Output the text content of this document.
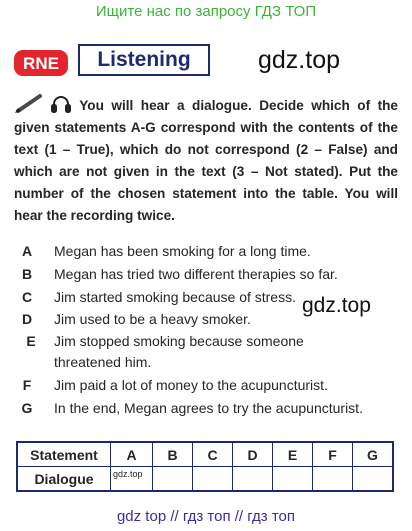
Ищите нас по запросу ГДЗ ТОП
RNE	Listening	gdz.top
You will hear a dialogue. Decide which of the given statements A-G correspond with the contents of the text (1 – True), which do not correspond (2 – False) and which are not given in the text (3 – Not stated). Put the number of the chosen statement into the table. You will hear the recording twice.
A Megan has been smoking for a long time.
B Megan has tried two different therapies so far.
C Jim started smoking because of stress.
D Jim used to be a heavy smoker.
E Jim stopped smoking because someone threatened him.
F Jim paid a lot of money to the acupuncturist.
G In the end, Megan agrees to try the acupuncturist.
gdz.top
Statement	A	B	C	D	E	F	G
Dialogue	gdz.top						
gdz top // гдз топ // гдз топ
